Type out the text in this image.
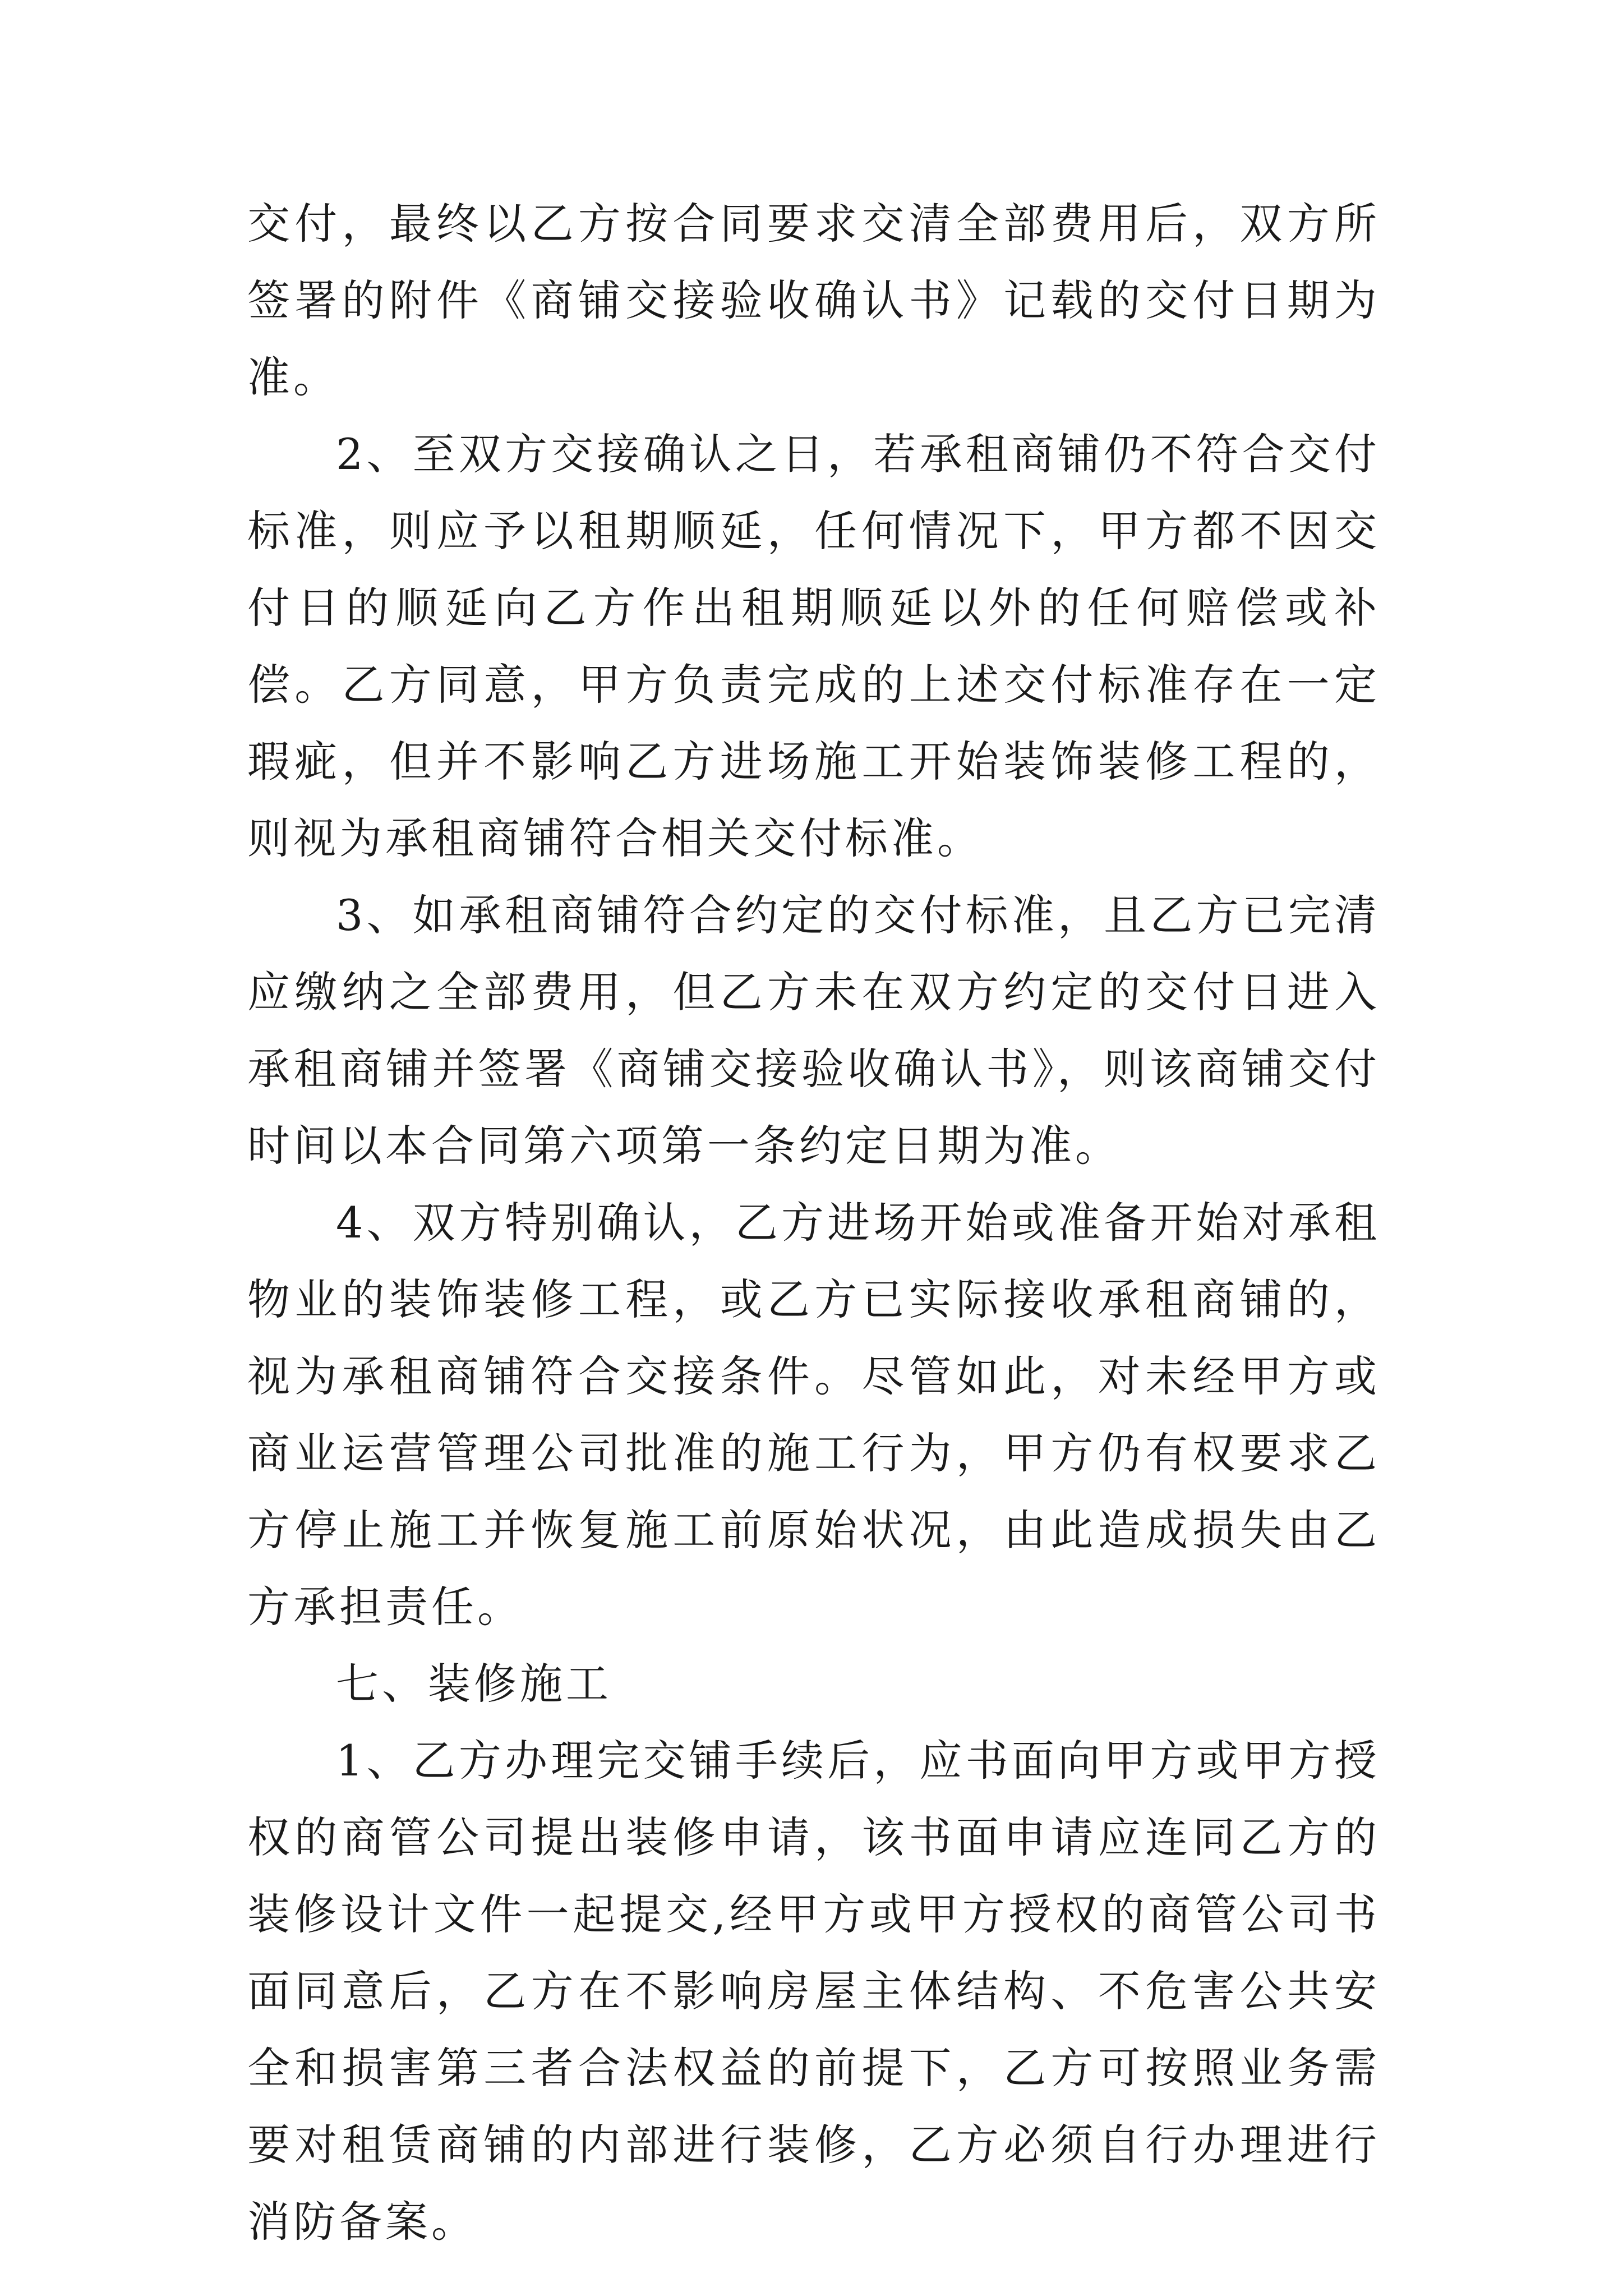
交付，最终以乙方按合同要求交清全部费用后，双方所签署的附件《商铺交接验收确认书》记载的交付日期为准。

2、至双方交接确认之日，若承租商铺仍不符合交付标准，则应予以租期顺延，任何情况下，甲方都不因交付日的顺延向乙方作出租期顺延以外的任何赔偿或补偿。乙方同意，甲方负责完成的上述交付标准存在一定瑕疵，但并不影响乙方进场施工开始装饰装修工程的，则视为承租商铺符合相关交付标准。

3、如承租商铺符合约定的交付标准，且乙方已完清应缴纳之全部费用，但乙方未在双方约定的交付日进入承租商铺并签署《商铺交接验收确认书》，则该商铺交付时间以本合同第六项第一条约定日期为准。

4、双方特别确认，乙方进场开始或准备开始对承租物业的装饰装修工程，或乙方已实际接收承租商铺的，视为承租商铺符合交接条件。尽管如此，对未经甲方或商业运营管理公司批准的施工行为，甲方仍有权要求乙方停止施工并恢复施工前原始状况，由此造成损失由乙方承担责任。

七、装修施工

1、乙方办理完交铺手续后，应书面向甲方或甲方授权的商管公司提出装修申请，该书面申请应连同乙方的装修设计文件一起提交,经甲方或甲方授权的商管公司书面同意后，乙方在不影响房屋主体结构、不危害公共安全和损害第三者合法权益的前提下，乙方可按照业务需要对租赁商铺的内部进行装修，乙方必须自行办理进行消防备案。
